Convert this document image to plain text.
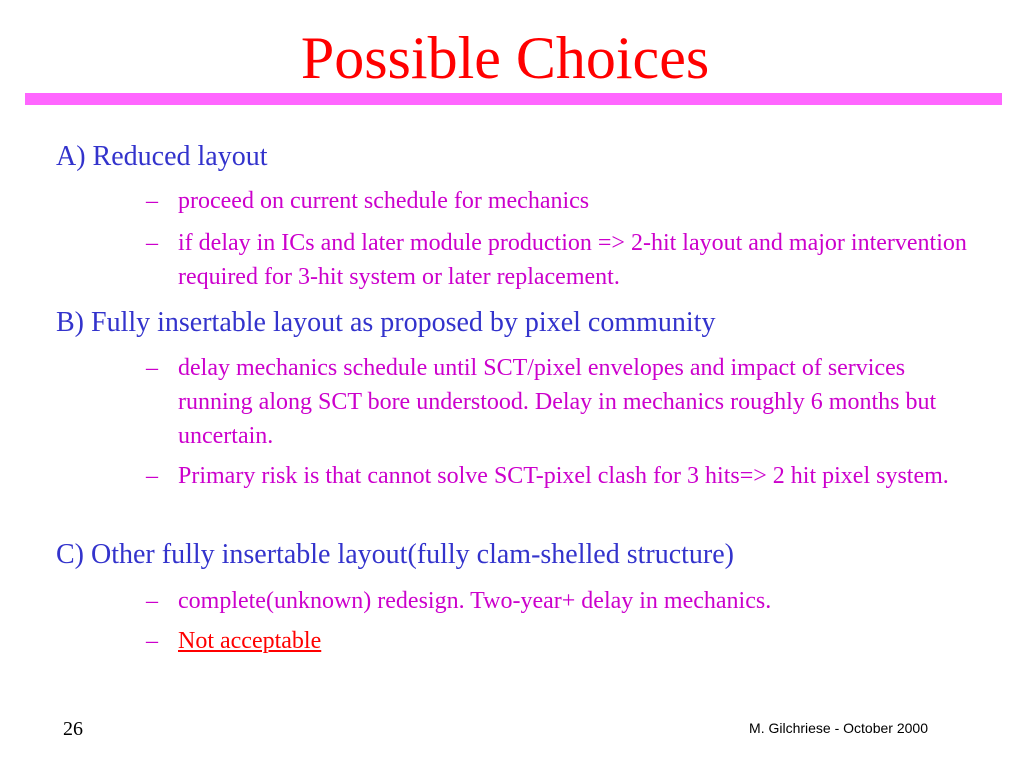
Possible Choices
A) Reduced layout
– proceed on current schedule for mechanics
– if delay in ICs and later module production => 2-hit layout and major intervention required for 3-hit system or later replacement.
B) Fully insertable layout as proposed by pixel community
– delay mechanics schedule until SCT/pixel envelopes and impact of services running along SCT bore understood. Delay in mechanics roughly 6 months but uncertain.
– Primary risk is that cannot solve SCT-pixel clash for 3 hits=> 2 hit pixel system.
C) Other fully insertable layout(fully clam-shelled structure)
– complete(unknown) redesign. Two-year+ delay in mechanics.
– Not acceptable
26	M. Gilchriese - October 2000
